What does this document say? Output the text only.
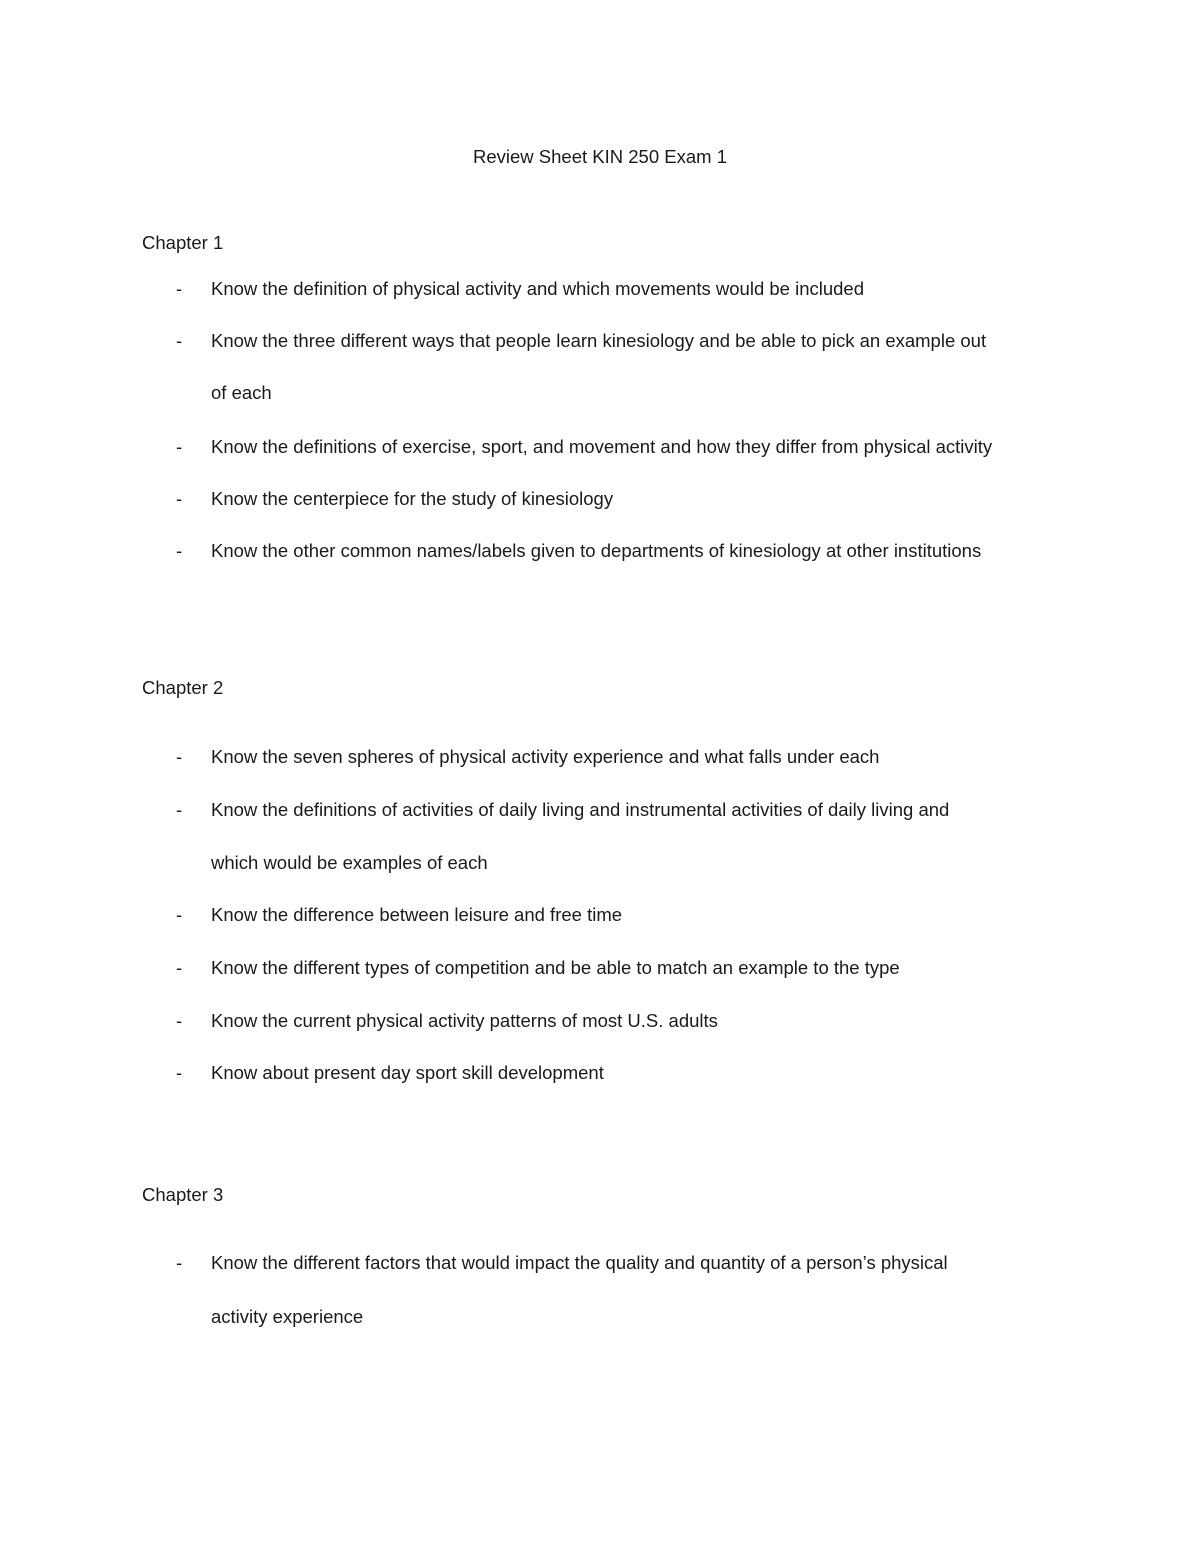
Review Sheet KIN 250 Exam 1
Chapter 1
- Know the definition of physical activity and which movements would be included
- Know the three different ways that people learn kinesiology and be able to pick an example out
of each
- Know the definitions of exercise, sport, and movement and how they differ from physical activity
- Know the centerpiece for the study of kinesiology
- Know the other common names/labels given to departments of kinesiology at other institutions
Chapter 2
- Know the seven spheres of physical activity experience and what falls under each
- Know the definitions of activities of daily living and instrumental activities of daily living and
which would be examples of each
- Know the difference between leisure and free time
- Know the different types of competition and be able to match an example to the type
- Know the current physical activity patterns of most U.S. adults
- Know about present day sport skill development
Chapter 3
- Know the different factors that would impact the quality and quantity of a person’s physical
activity experience
